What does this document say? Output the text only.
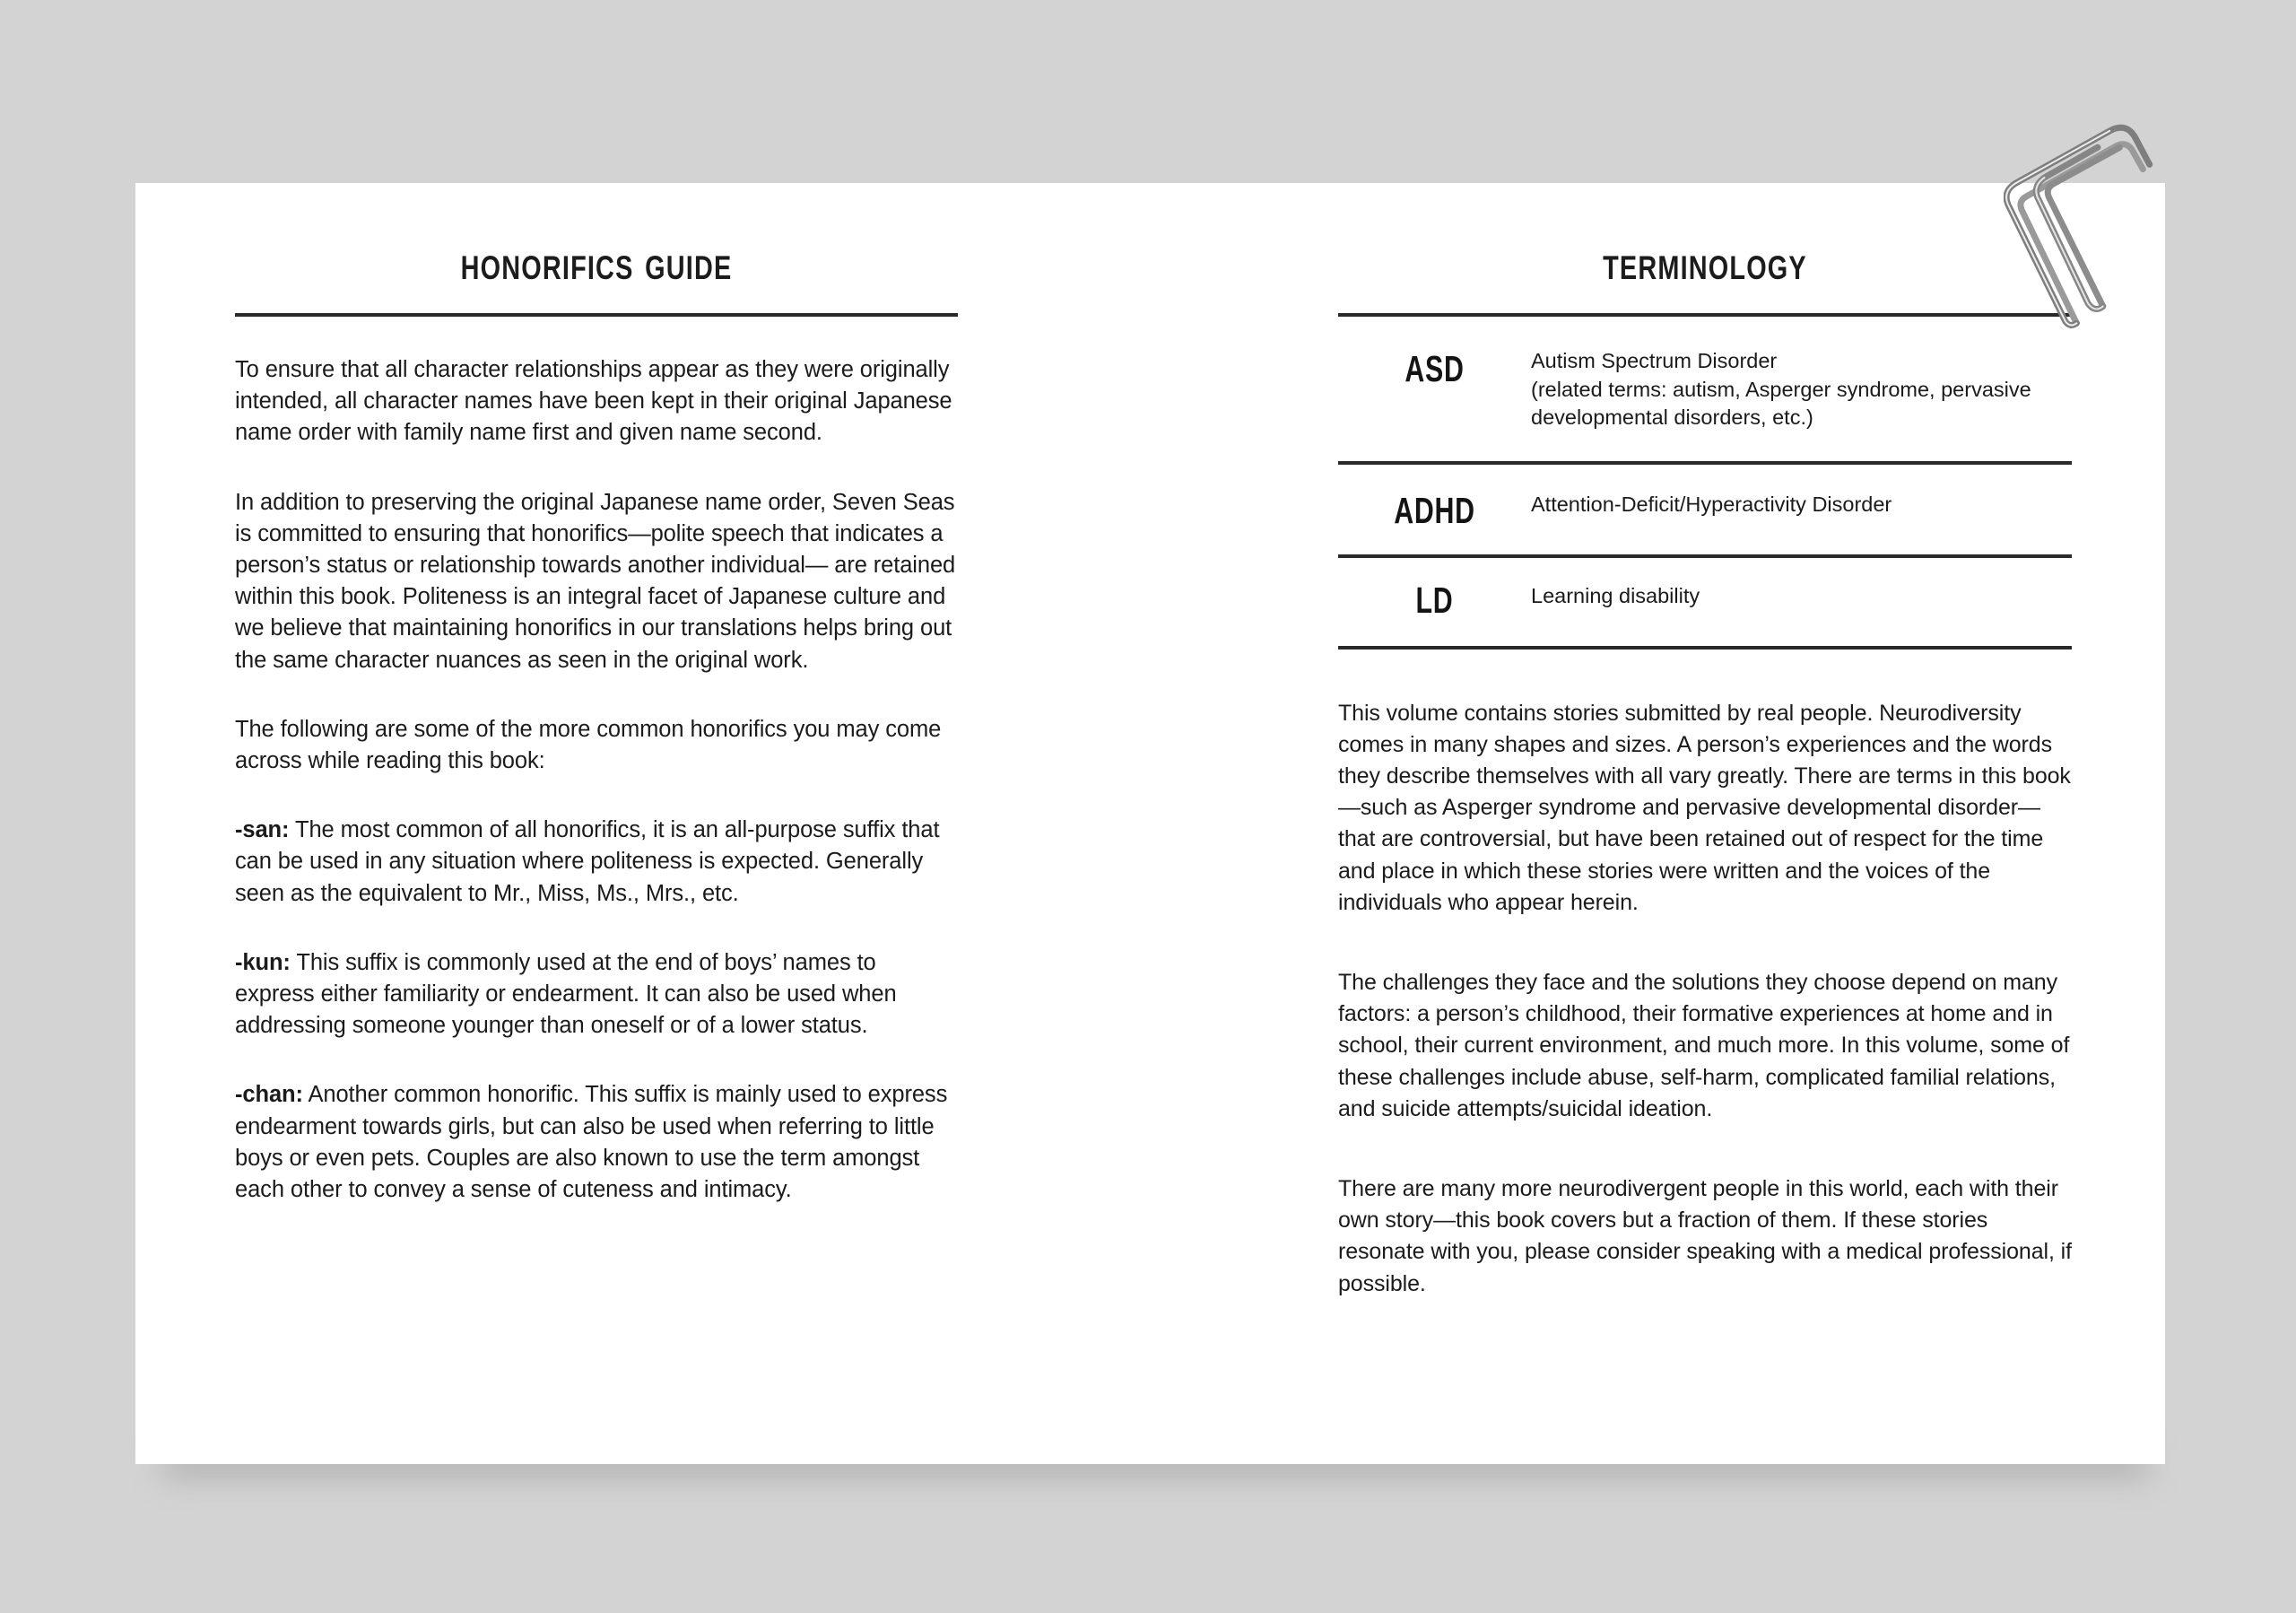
honorifics guide
To ensure that all character relationships appear as they were originally intended, all character names have been kept in their original Japanese name order with family name first and given name second.
In addition to preserving the original Japanese name order, Seven Seas is committed to ensuring that honorifics—polite speech that indicates a person’s status or relationship towards another individual— are retained within this book. Politeness is an integral facet of Japanese culture and we believe that maintaining honorifics in our translations helps bring out the same character nuances as seen in the original work.
The following are some of the more common honorifics you may come across while reading this book:
-san: The most common of all honorifics, it is an all-purpose suffix that can be used in any situation where politeness is expected. Generally seen as the equivalent to Mr., Miss, Ms., Mrs., etc.
-kun: This suffix is commonly used at the end of boys’ names to express either familiarity or endearment. It can also be used when addressing someone younger than oneself or of a lower status.
-chan: Another common honorific. This suffix is mainly used to express endearment towards girls, but can also be used when referring to little boys or even pets. Couples are also known to use the term amongst each other to convey a sense of cuteness and intimacy.
terminology
ASD	Autism Spectrum Disorder
(related terms: autism, Asperger syndrome, pervasive developmental disorders, etc.)
ADHD	Attention-Deficit/Hyperactivity Disorder
LD	Learning disability
This volume contains stories submitted by real people. Neurodiversity comes in many shapes and sizes. A person’s experiences and the words they describe themselves with all vary greatly. There are terms in this book—such as Asperger syndrome and pervasive developmental disorder—that are controversial, but have been retained out of respect for the time and place in which these stories were written and the voices of the individuals who appear herein.
The challenges they face and the solutions they choose depend on many factors: a person’s childhood, their formative experiences at home and in school, their current environment, and much more. In this volume, some of these challenges include abuse, self-harm, complicated familial relations, and suicide attempts/suicidal ideation.
There are many more neurodivergent people in this world, each with their own story—this book covers but a fraction of them. If these stories resonate with you, please consider speaking with a medical professional, if possible.
